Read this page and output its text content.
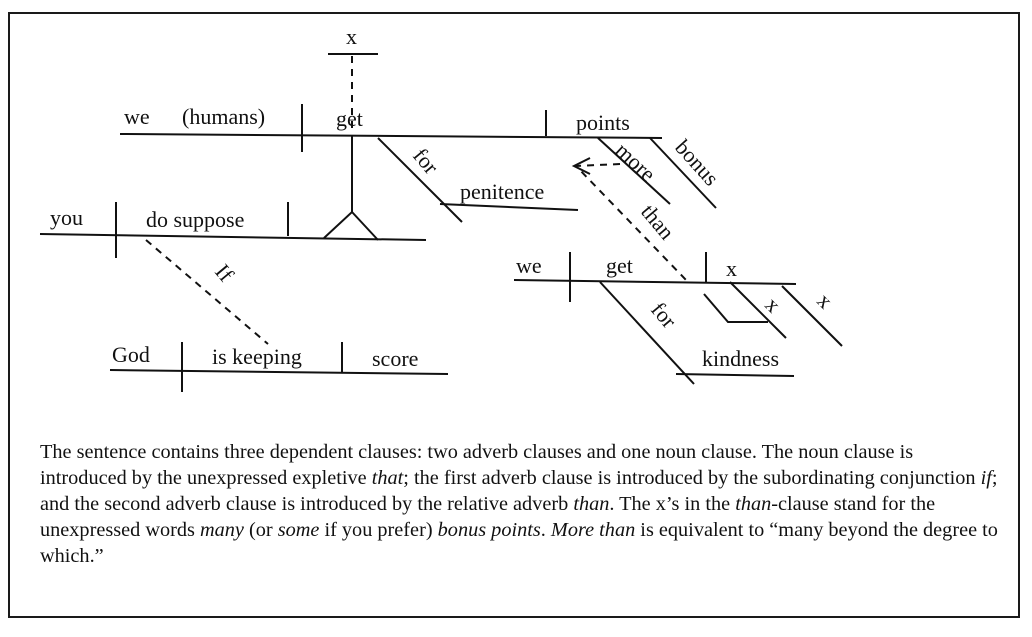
we (humans)	get	points
x
more bonus
for
penitence
you	do suppose
If
God	is keeping	score
than
we	get	x
x x
for
kindness

The sentence contains three dependent clauses: two adverb clauses and one noun clause. The noun clause is introduced by the unexpressed expletive that; the first adverb clause is introduced by the subordinating conjunction if; and the second adverb clause is introduced by the relative adverb than. The x’s in the than-clause stand for the unexpressed words many (or some if you prefer) bonus points. More than is equivalent to “many beyond the degree to which.”
